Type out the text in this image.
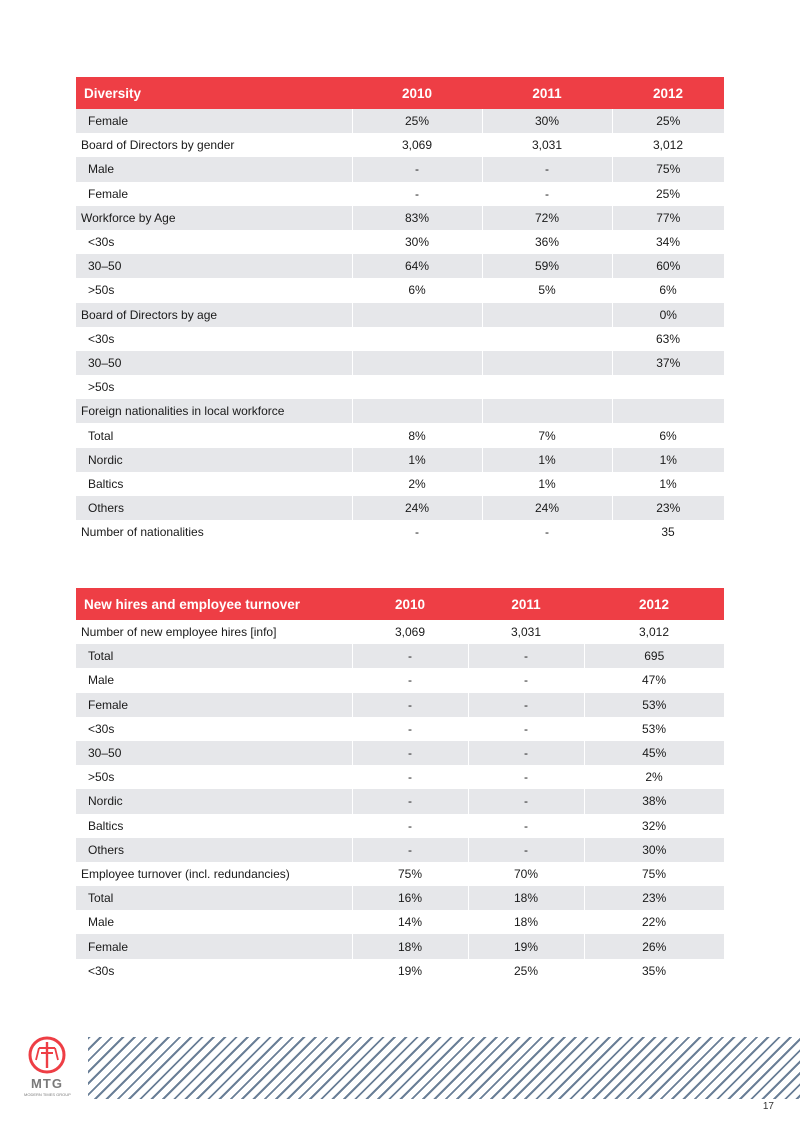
Diversity	2010	2011	2012
Female	25%	30%	25%
Board of Directors by gender	3,069	3,031	3,012
Male	-	-	75%
Female	-	-	25%
Workforce by Age	83%	72%	77%
<30s	30%	36%	34%
30–50	64%	59%	60%
>50s	6%	5%	6%
Board of Directors by age			0%
<30s			63%
30–50			37%
>50s			
Foreign nationalities in local workforce			
Total	8%	7%	6%
Nordic	1%	1%	1%
Baltics	2%	1%	1%
Others	24%	24%	23%
Number of nationalities	-	-	35
New hires and employee turnover	2010	2011	2012
Number of new employee hires [info]	3,069	3,031	3,012
Total	-	-	695
Male	-	-	47%
Female	-	-	53%
<30s	-	-	53%
30–50	-	-	45%
>50s	-	-	2%
Nordic	-	-	38%
Baltics	-	-	32%
Others	-	-	30%
Employee turnover (incl. redundancies)	75%	70%	75%
Total	16%	18%	23%
Male	14%	18%	22%
Female	18%	19%	26%
<30s	19%	25%	35%
MTG
MODERN TIMES GROUP
17
